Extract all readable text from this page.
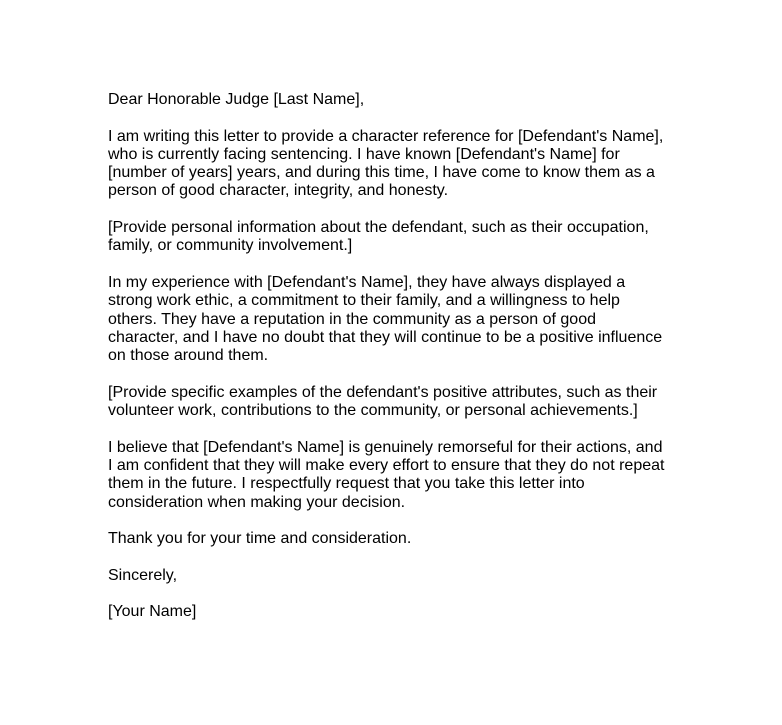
Dear Honorable Judge [Last Name],

I am writing this letter to provide a character reference for [Defendant's Name],
who is currently facing sentencing. I have known [Defendant's Name] for
[number of years] years, and during this time, I have come to know them as a
person of good character, integrity, and honesty.

[Provide personal information about the defendant, such as their occupation,
family, or community involvement.]

In my experience with [Defendant's Name], they have always displayed a
strong work ethic, a commitment to their family, and a willingness to help
others. They have a reputation in the community as a person of good
character, and I have no doubt that they will continue to be a positive influence
on those around them.

[Provide specific examples of the defendant's positive attributes, such as their
volunteer work, contributions to the community, or personal achievements.]

I believe that [Defendant's Name] is genuinely remorseful for their actions, and
I am confident that they will make every effort to ensure that they do not repeat
them in the future. I respectfully request that you take this letter into
consideration when making your decision.

Thank you for your time and consideration.

Sincerely,

[Your Name]
